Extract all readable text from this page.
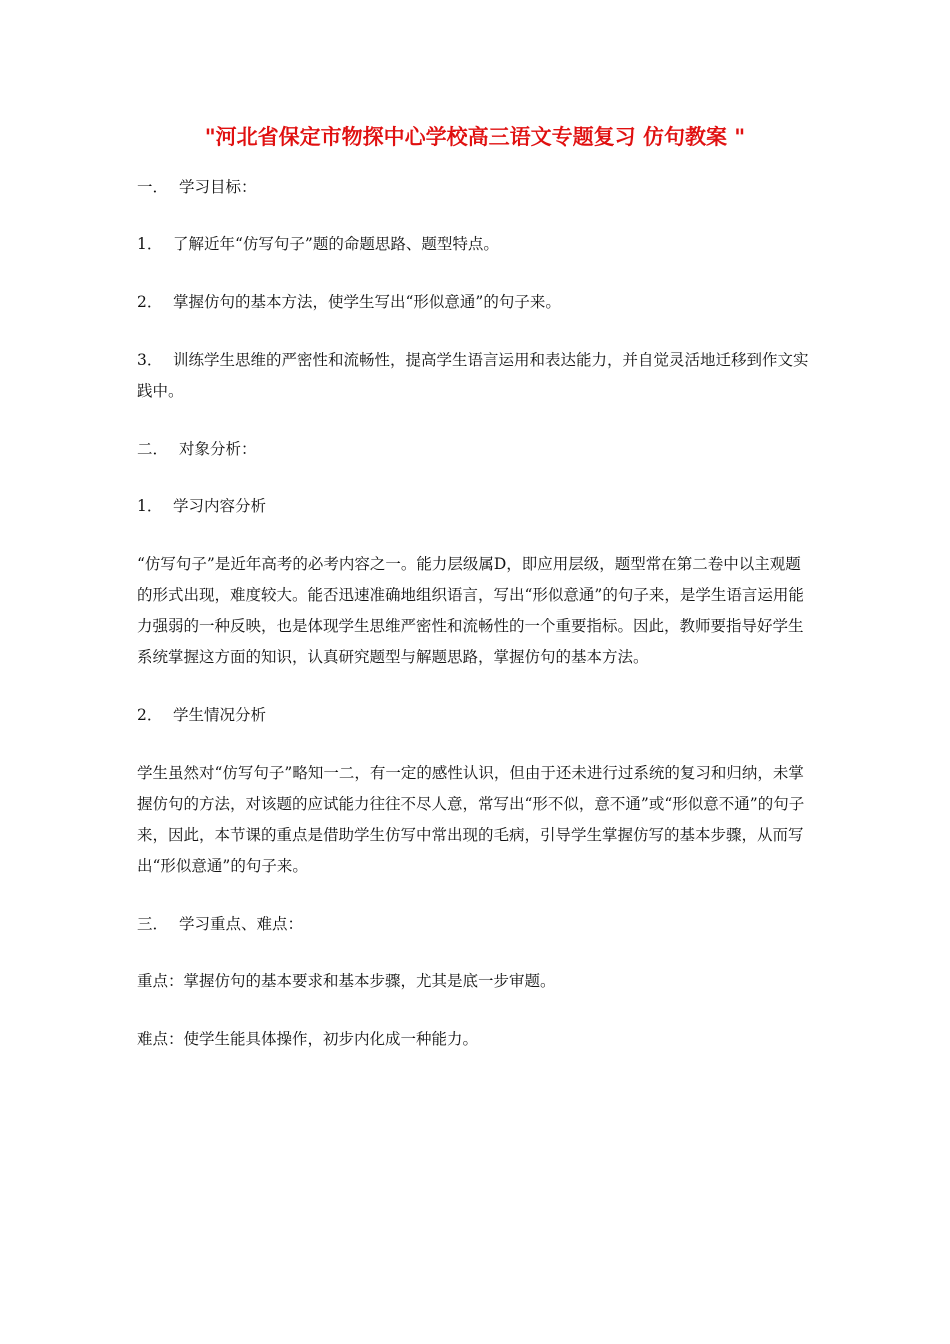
"河北省保定市物探中心学校高三语文专题复习 仿句教案 "

一． 学习目标：

1． 了解近年“仿写句子”题的命题思路、题型特点。

2． 掌握仿句的基本方法，使学生写出“形似意通”的句子来。

3． 训练学生思维的严密性和流畅性，提高学生语言运用和表达能力，并自觉灵活地迁移到作文实践中。

二． 对象分析：

1． 学习内容分析

“仿写句子”是近年高考的必考内容之一。能力层级属D，即应用层级，题型常在第二卷中以主观题的形式出现，难度较大。能否迅速准确地组织语言，写出“形似意通”的句子来，是学生语言运用能力强弱的一种反映，也是体现学生思维严密性和流畅性的一个重要指标。因此，教师要指导好学生系统掌握这方面的知识，认真研究题型与解题思路，掌握仿句的基本方法。

2． 学生情况分析

学生虽然对“仿写句子”略知一二，有一定的感性认识，但由于还未进行过系统的复习和归纳，未掌握仿句的方法，对该题的应试能力往往不尽人意，常写出“形不似，意不通”或“形似意不通”的句子来，因此，本节课的重点是借助学生仿写中常出现的毛病，引导学生掌握仿写的基本步骤，从而写出“形似意通”的句子来。

三． 学习重点、难点：

重点：掌握仿句的基本要求和基本步骤，尤其是底一步审题。

难点：使学生能具体操作，初步内化成一种能力。
